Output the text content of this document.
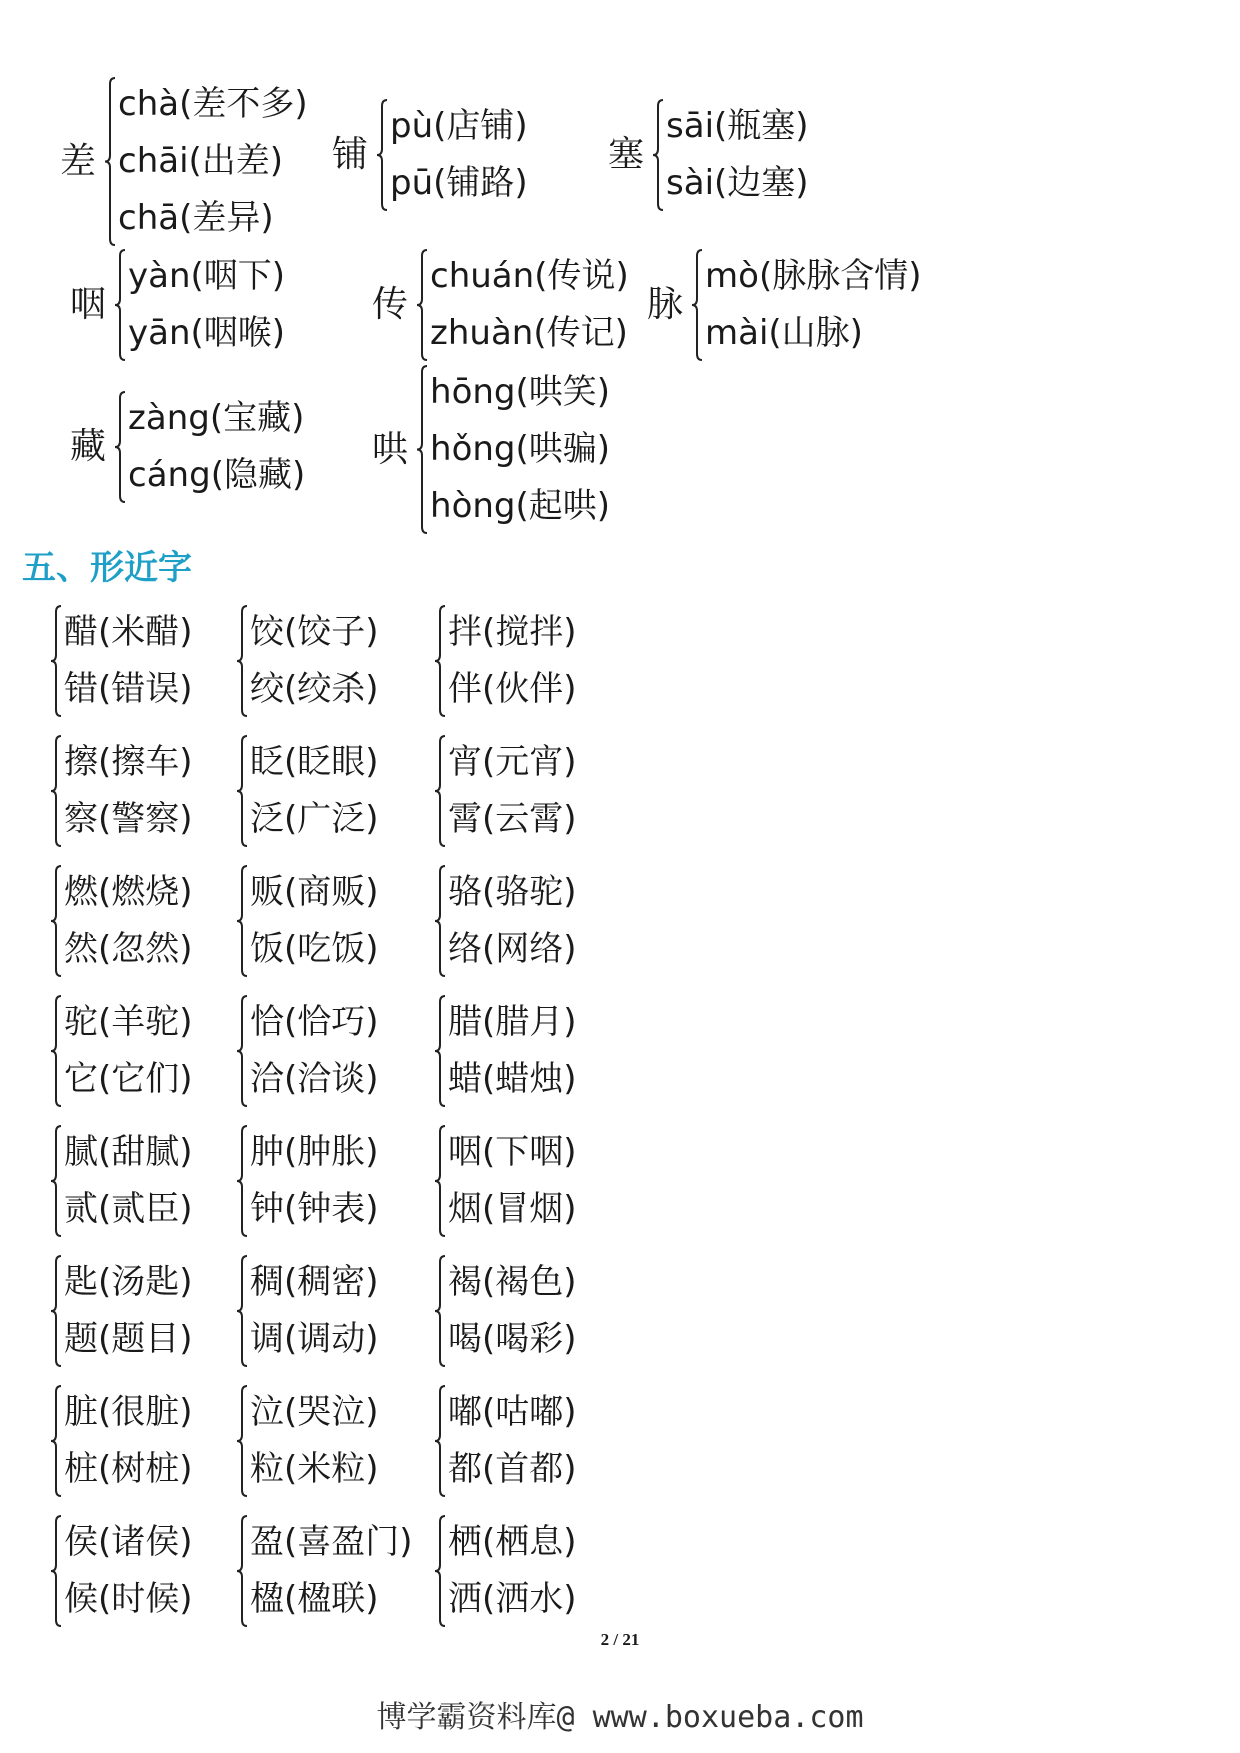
差
chà(差不多)
chāi(出差)
chā(差异)
铺
pù(店铺)
pū(铺路)
塞
sāi(瓶塞)
sài(边塞)
咽
yàn(咽下)
yān(咽喉)
传
chuán(传说)
zhuàn(传记)
脉
mò(脉脉含情)
mài(山脉)
藏
zàng(宝藏)
cáng(隐藏)
哄
hōng(哄笑)
hǒng(哄骗)
hòng(起哄)
五、形近字
醋(米醋)
错(错误)
饺(饺子)
绞(绞杀)
拌(搅拌)
伴(伙伴)
擦(擦车)
察(警察)
眨(眨眼)
泛(广泛)
宵(元宵)
霄(云霄)
燃(燃烧)
然(忽然)
贩(商贩)
饭(吃饭)
骆(骆驼)
络(网络)
驼(羊驼)
它(它们)
恰(恰巧)
洽(洽谈)
腊(腊月)
蜡(蜡烛)
腻(甜腻)
贰(贰臣)
肿(肿胀)
钟(钟表)
咽(下咽)
烟(冒烟)
匙(汤匙)
题(题目)
稠(稠密)
调(调动)
褐(褐色)
喝(喝彩)
脏(很脏)
桩(树桩)
泣(哭泣)
粒(米粒)
嘟(咕嘟)
都(首都)
侯(诸侯)
候(时候)
盈(喜盈门)
楹(楹联)
栖(栖息)
洒(洒水)
2 / 21
博学霸资料库@ www.boxueba.com
